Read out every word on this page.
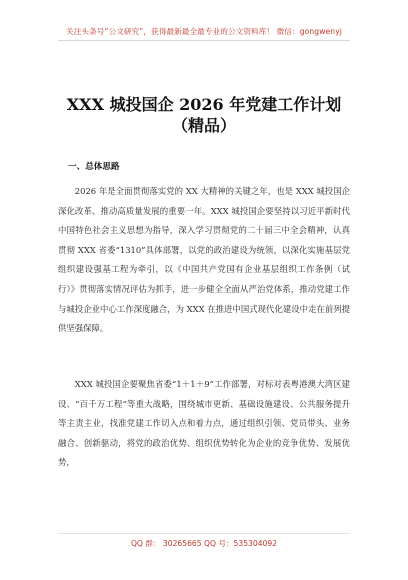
关注头条号“公文研究”，获得最新最全最专业的公文资料库！ 微信：gongwenyj
XXX 城投国企 2026 年党建工作计划
（精品）
一、总体思路

2026 年是全面贯彻落实党的 XX 大精神的关键之年，也是 XXX 城投国企深化改革、推动高质量发展的重要一年。XXX 城投国企要坚持以习近平新时代中国特色社会主义思想为指导，深入学习贯彻党的二十届三中全会精神，认真贯彻 XXX 省委“1310”具体部署，以党的政治建设为统领，以深化实施基层党组织建设强基工程为牵引，以《中国共产党国有企业基层组织工作条例（试行）》贯彻落实情况评估为抓手，进一步健全全面从严治党体系，推动党建工作与城投企业中心工作深度融合，为 XXX 在推进中国式现代化建设中走在前列提供坚强保障。

XXX 城投国企要聚焦省委“1＋1＋9”工作部署，对标对表粤港澳大湾区建设、“百千万工程”等重大战略，围绕城市更新、基础设施建设、公共服务提升等主责主业，找准党建工作切入点和着力点，通过组织引领、党员带头、业务融合、创新驱动，将党的政治优势、组织优势转化为企业的竞争优势、发展优势，

QQ 群： 30265665 QQ 号：535304092
